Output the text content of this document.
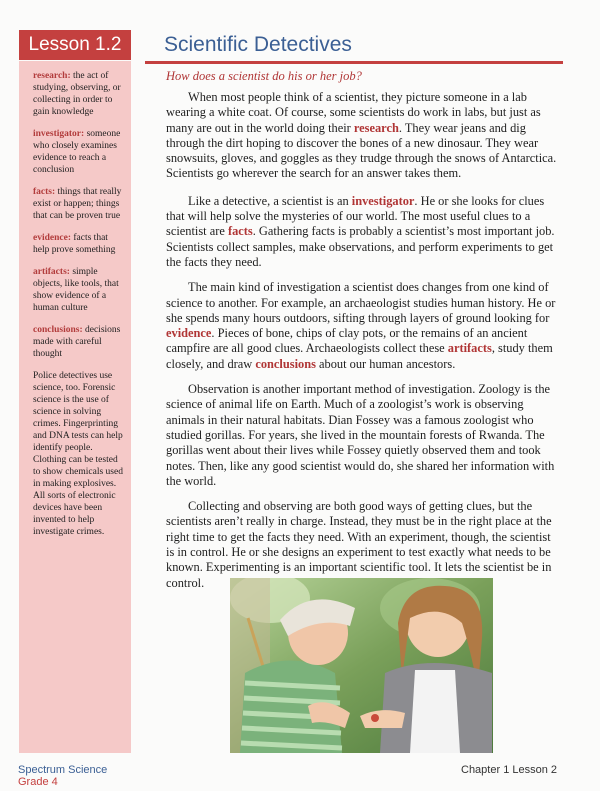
Lesson 1.2	Scientific Detectives
research: the act of studying, observing, or collecting in order to gain knowledge
investigator: someone who closely examines evidence to reach a conclusion
facts: things that really exist or happen; things that can be proven true
evidence: facts that help prove something
artifacts: simple objects, like tools, that show evidence of a human culture
conclusions: decisions made with careful thought
Police detectives use science, too. Forensic science is the use of science in solving crimes. Fingerprinting and DNA tests can help identify people. Clothing can be tested to show chemicals used in making explosives. All sorts of electronic devices have been invented to help investigate crimes.
How does a scientist do his or her job?

When most people think of a scientist, they picture someone in a lab wearing a white coat. Of course, some scientists do work in labs, but just as many are out in the world doing their research. They wear jeans and dig through the dirt hoping to discover the bones of a new dinosaur. They wear snowsuits, gloves, and goggles as they trudge through the snows of Antarctica. Scientists go wherever the search for an answer takes them.

Like a detective, a scientist is an investigator. He or she looks for clues that will help solve the mysteries of our world. The most useful clues to a scientist are facts. Gathering facts is probably a scientist’s most important job. Scientists collect samples, make observations, and perform experiments to get the facts they need.

The main kind of investigation a scientist does changes from one kind of science to another. For example, an archaeologist studies human history. He or she spends many hours outdoors, sifting through layers of ground looking for evidence. Pieces of bone, chips of clay pots, or the remains of an ancient campfire are all good clues. Archaeologists collect these artifacts, study them closely, and draw conclusions about our human ancestors.

Observation is another important method of investigation. Zoology is the science of animal life on Earth. Much of a zoologist’s work is observing animals in their natural habitats. Dian Fossey was a famous zoologist who studied gorillas. For years, she lived in the mountain forests of Rwanda. The gorillas went about their lives while Fossey quietly observed them and took notes. Then, like any good scientist would do, she shared her information with the world.

Collecting and observing are both good ways of getting clues, but the scientists aren’t really in charge. Instead, they must be in the right place at the right time to get the facts they need. With an experiment, though, the scientist is in control. He or she designs an experiment to test exactly what needs to be known. Experimenting is an important scientific tool. It lets the scientist be in control.

Spectrum Science
Grade 4
Chapter 1 Lesson 2
